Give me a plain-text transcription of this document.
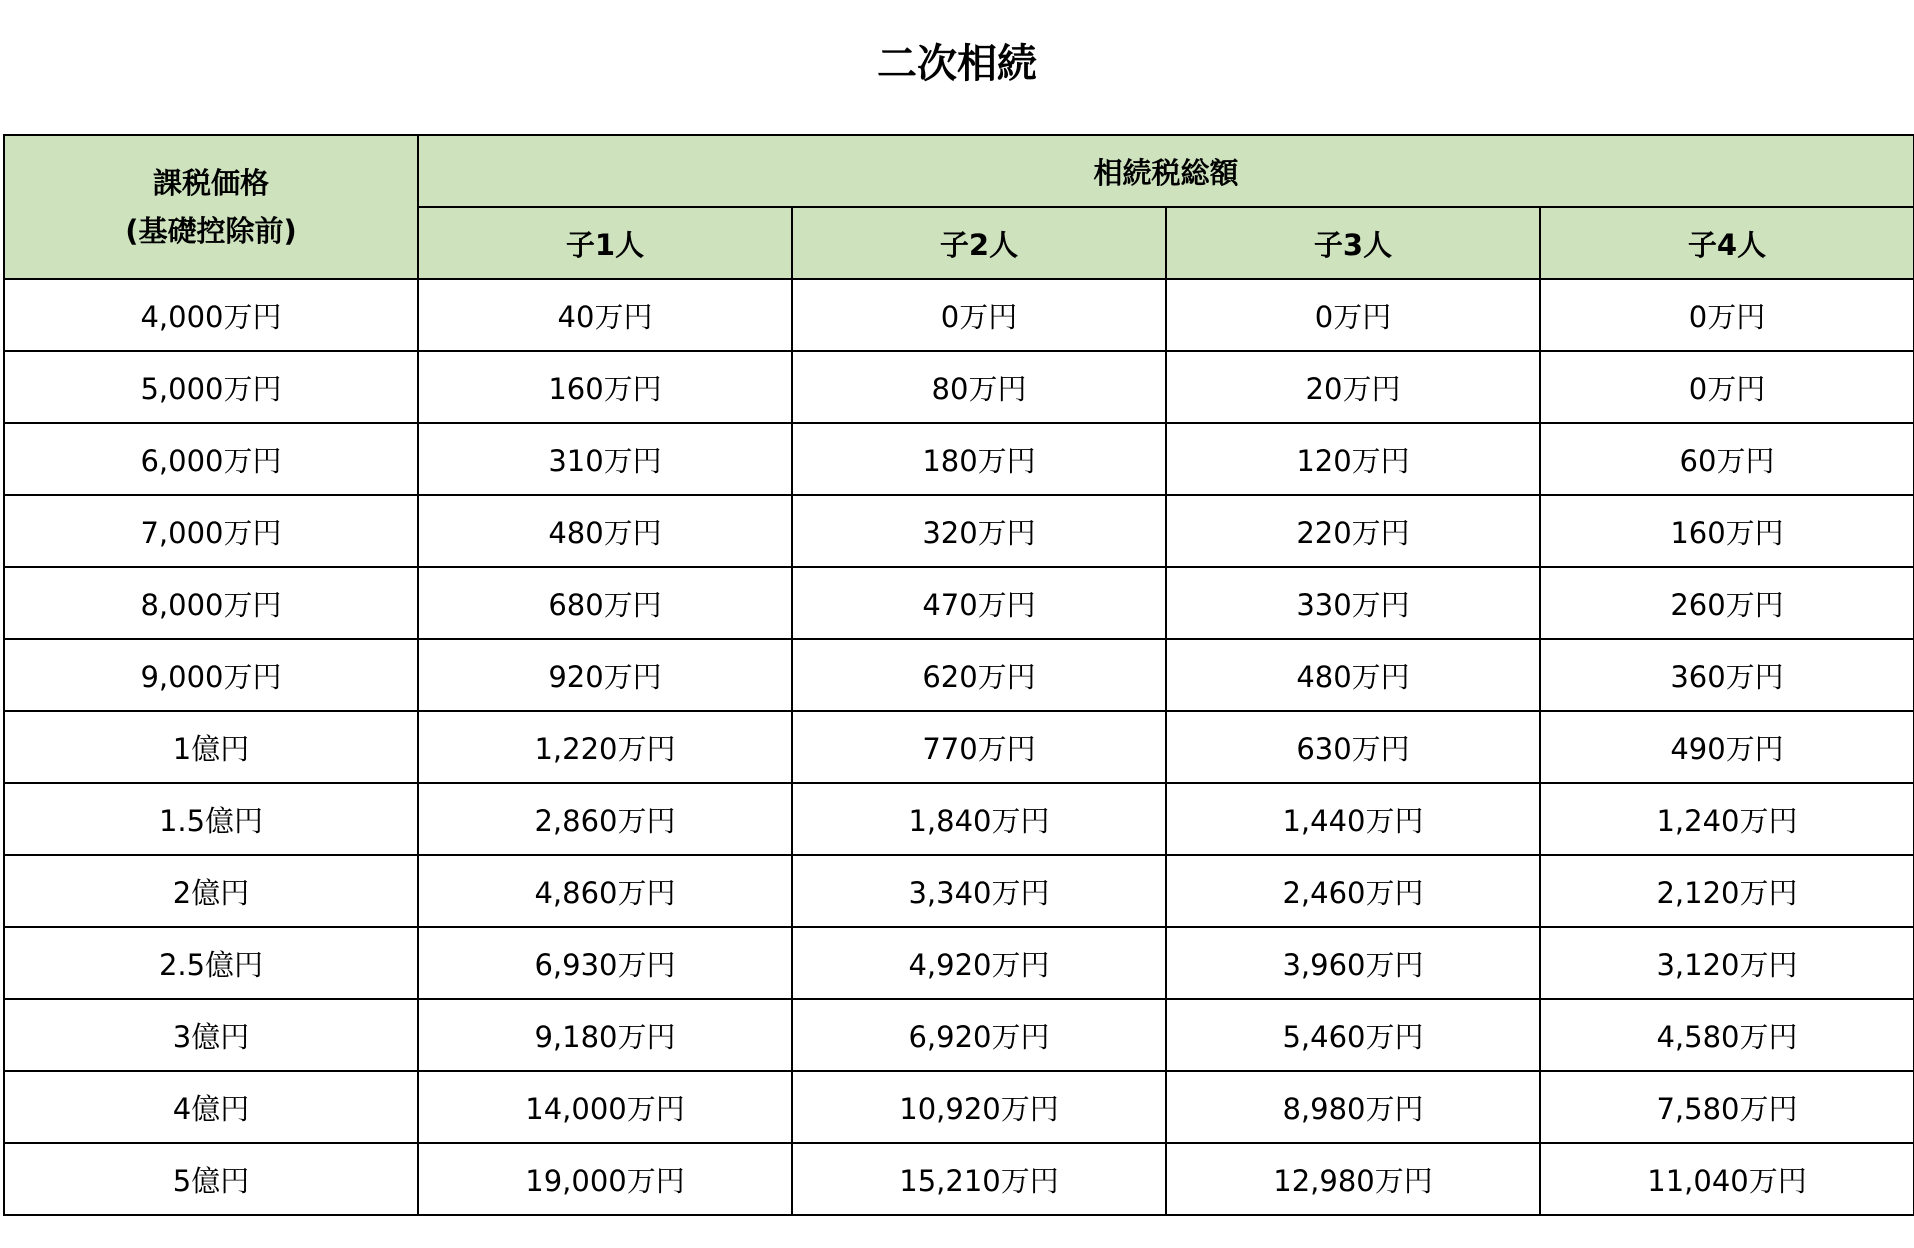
二次相続
課税価格
(基礎控除前)	相続税総額			
	子1人	子2人	子3人	子4人
4,000万円	40万円	0万円	0万円	0万円
5,000万円	160万円	80万円	20万円	0万円
6,000万円	310万円	180万円	120万円	60万円
7,000万円	480万円	320万円	220万円	160万円
8,000万円	680万円	470万円	330万円	260万円
9,000万円	920万円	620万円	480万円	360万円
1億円	1,220万円	770万円	630万円	490万円
1.5億円	2,860万円	1,840万円	1,440万円	1,240万円
2億円	4,860万円	3,340万円	2,460万円	2,120万円
2.5億円	6,930万円	4,920万円	3,960万円	3,120万円
3億円	9,180万円	6,920万円	5,460万円	4,580万円
4億円	14,000万円	10,920万円	8,980万円	7,580万円
5億円	19,000万円	15,210万円	12,980万円	11,040万円
